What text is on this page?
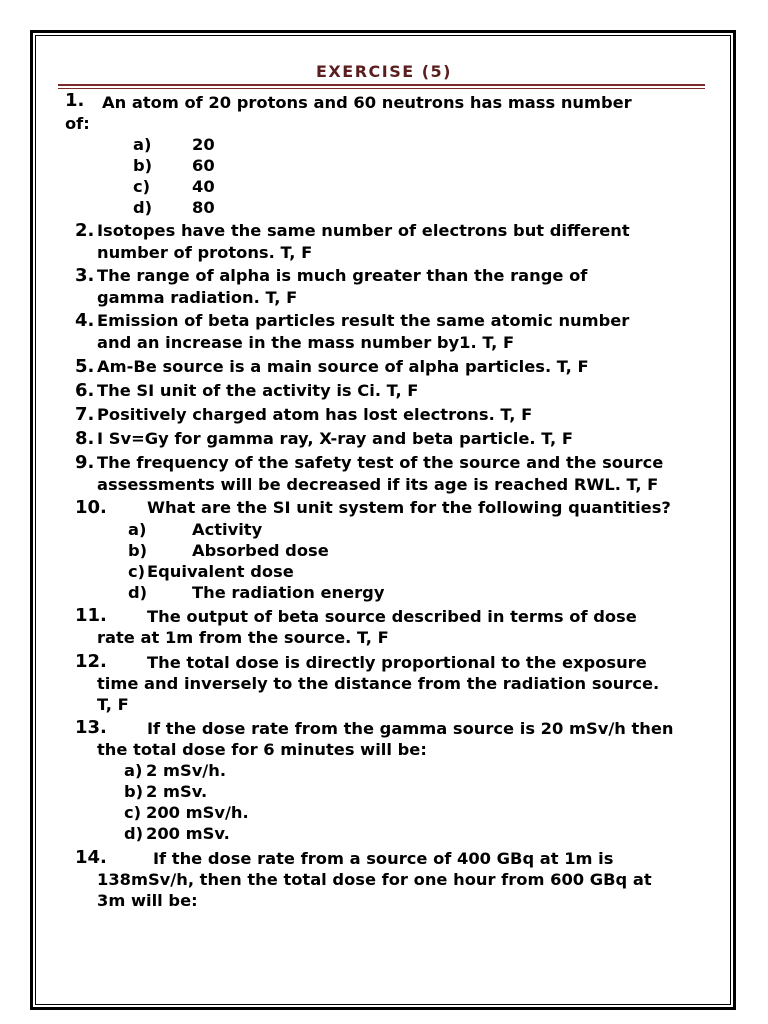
EXERCISE (5)
1. An atom of 20 protons and 60 neutrons has mass number
of:
a) 20
b) 60
c)	40
d) 80
2. Isotopes have the same number of electrons but different
number of protons. T, F
3. The range of alpha is much greater than the range of
gamma radiation. T, F
4. Emission of beta particles result the same atomic number
and an increase in the mass number by1. T, F
5. Am-Be source is a main source of alpha particles. T, F
6. The SI unit of the activity is Ci. T, F
7. Positively charged atom has lost electrons. T, F
8. I Sv=Gy for gamma ray, X-ray and beta particle. T, F
9. The frequency of the safety test of the source and the source
assessments will be decreased if its age is reached RWL. T, F
10. What are the SI unit system for the following quantities?
a)	Activity
b)	Absorbed dose
c) Equivalent dose
d)	The radiation energy
11. The output of beta source described in terms of dose
rate at 1m from the source. T, F
12. The total dose is directly proportional to the exposure
time and inversely to the distance from the radiation source.
T, F
13. If the dose rate from the gamma source is 20 mSv/h then
the total dose for 6 minutes will be:
a) 2 mSv/h.
b) 2 mSv.
c) 200 mSv/h.
d) 200 mSv.
14.	If the dose rate from a source of 400 GBq at 1m is
138mSv/h, then the total dose for one hour from 600 GBq at
3m will be:
